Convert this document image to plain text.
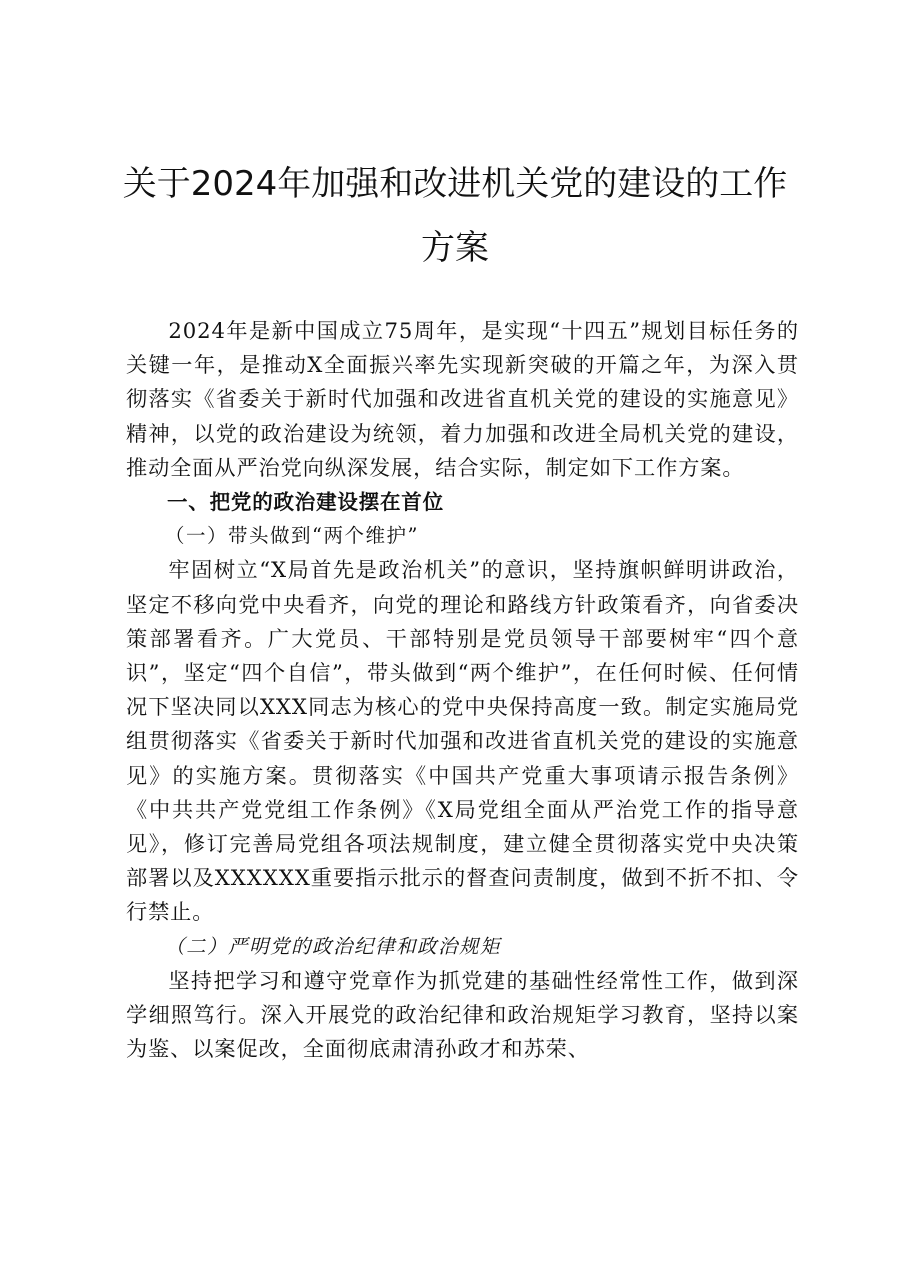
关于2024年加强和改进机关党的建设的工作
方案

2024年是新中国成立75周年，是实现“十四五”规划目标任务的关键一年，是推动X全面振兴率先实现新突破的开篇之年，为深入贯彻落实《省委关于新时代加强和改进省直机关党的建设的实施意见》精神，以党的政治建设为统领，着力加强和改进全局机关党的建设，推动全面从严治党向纵深发展，结合实际，制定如下工作方案。

一、把党的政治建设摆在首位

（一）带头做到“两个维护”

牢固树立“X局首先是政治机关”的意识，坚持旗帜鲜明讲政治，坚定不移向党中央看齐，向党的理论和路线方针政策看齐，向省委决策部署看齐。广大党员、干部特别是党员领导干部要树牢“四个意识”，坚定“四个自信”，带头做到“两个维护”，在任何时候、任何情况下坚决同以XXX同志为核心的党中央保持高度一致。制定实施局党组贯彻落实《省委关于新时代加强和改进省直机关党的建设的实施意见》的实施方案。贯彻落实《中国共产党重大事项请示报告条例》《中共共产党党组工作条例》《X局党组全面从严治党工作的指导意见》，修订完善局党组各项法规制度，建立健全贯彻落实党中央决策部署以及XXXXXX重要指示批示的督查问责制度，做到不折不扣、令行禁止。

（二）严明党的政治纪律和政治规矩

坚持把学习和遵守党章作为抓党建的基础性经常性工作，做到深学细照笃行。深入开展党的政治纪律和政治规矩学习教育，坚持以案为鉴、以案促改，全面彻底肃清孙政才和苏荣、
